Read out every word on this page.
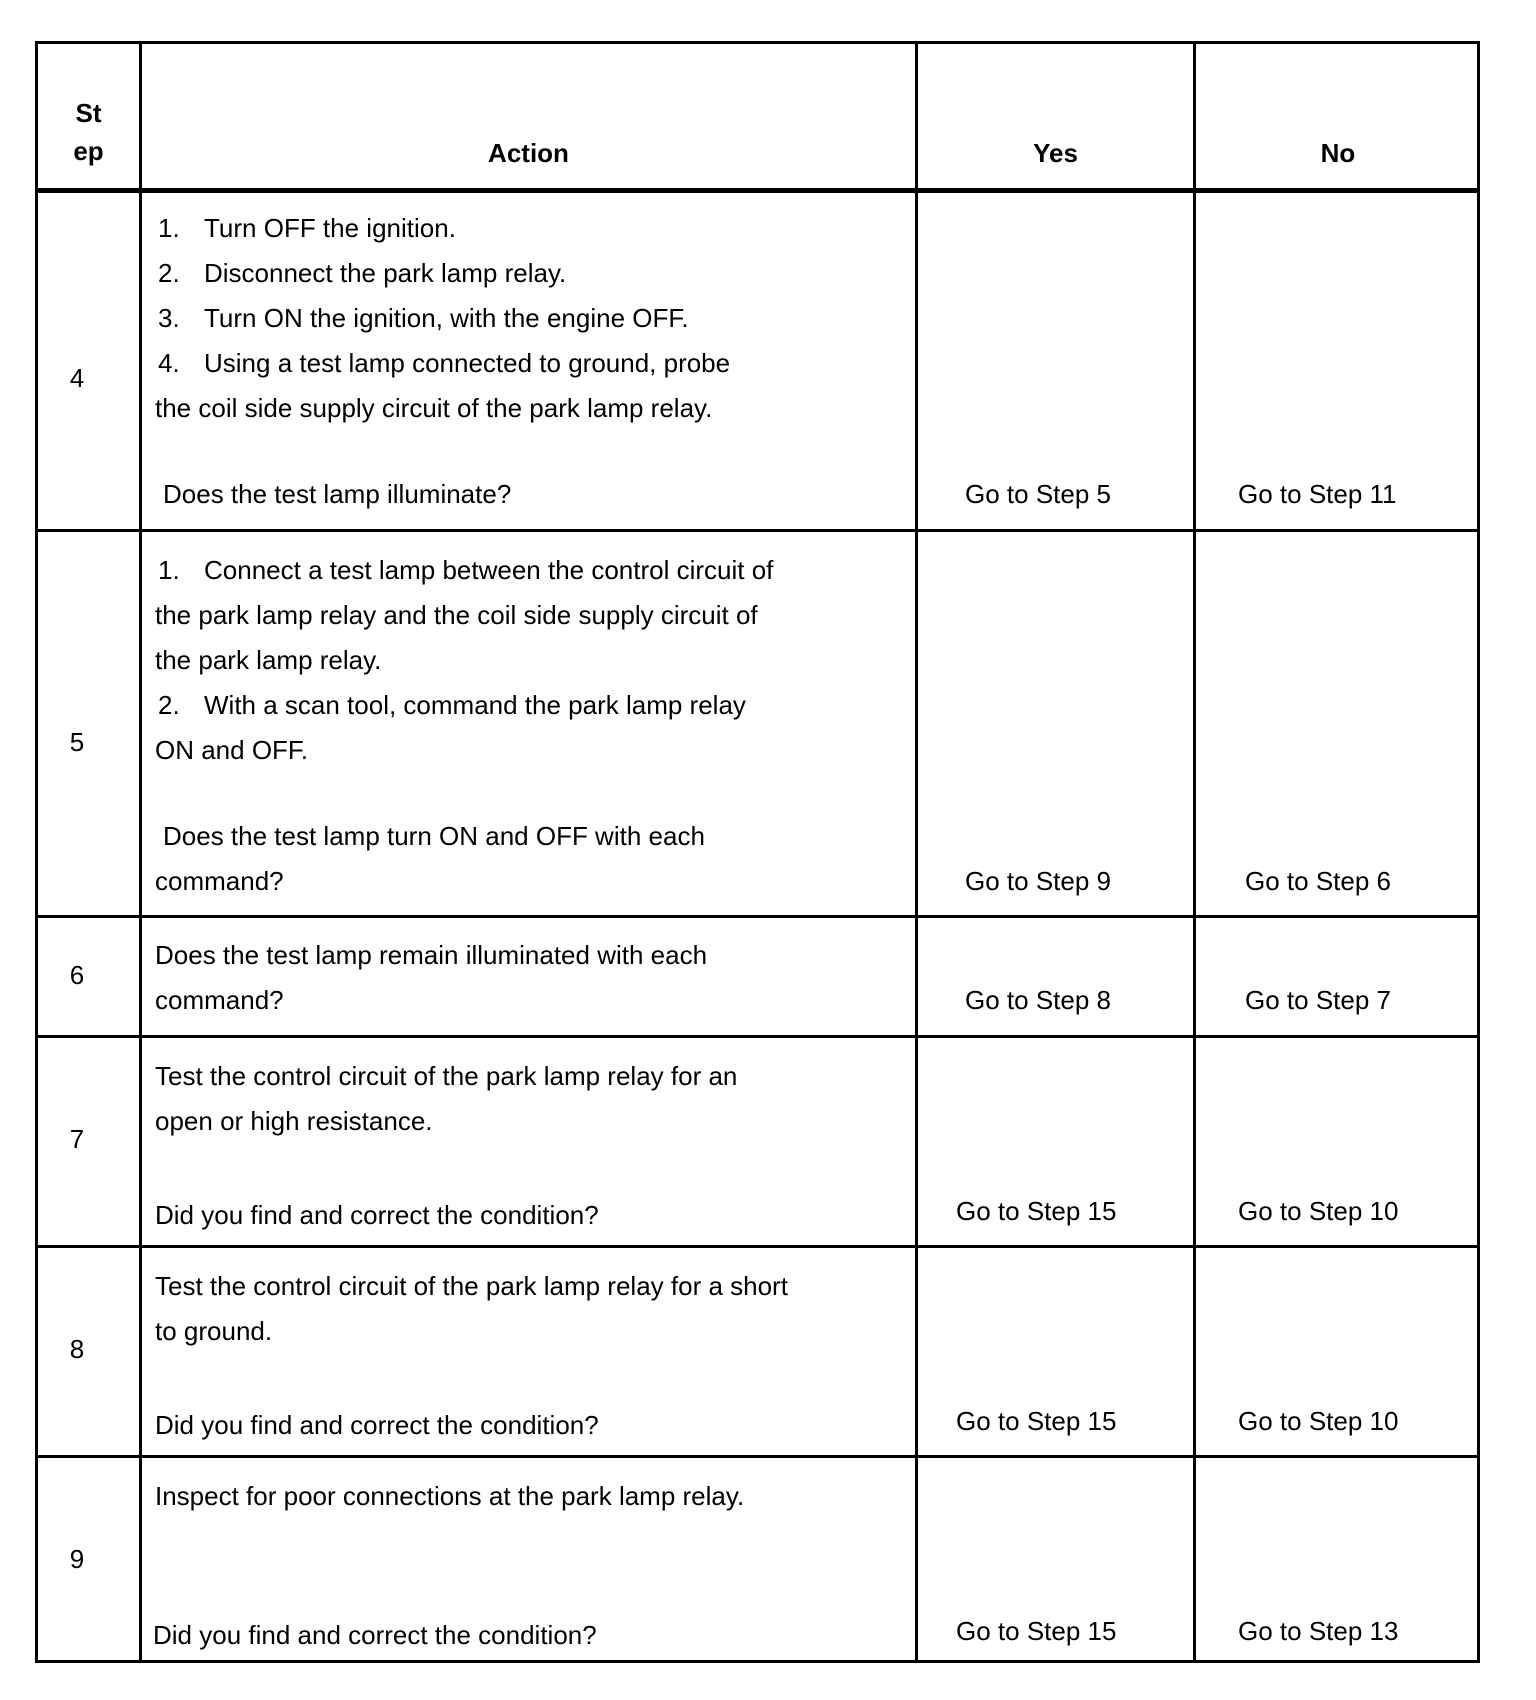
St
ep	Action	Yes	No
4
1. Turn OFF the ignition.
2. Disconnect the park lamp relay.
3. Turn ON the ignition, with the engine OFF.
4. Using a test lamp connected to ground, probe
the coil side supply circuit of the park lamp relay.
Does the test lamp illuminate?	Go to Step 5	Go to Step 11
5
1. Connect a test lamp between the control circuit of
the park lamp relay and the coil side supply circuit of
the park lamp relay.
2. With a scan tool, command the park lamp relay
ON and OFF.
Does the test lamp turn ON and OFF with each
command?	Go to Step 9	Go to Step 6
6
Does the test lamp remain illuminated with each
command?	Go to Step 8	Go to Step 7
7
Test the control circuit of the park lamp relay for an
open or high resistance.
Did you find and correct the condition?	Go to Step 15	Go to Step 10
8
Test the control circuit of the park lamp relay for a short
to ground.
Did you find and correct the condition?	Go to Step 15	Go to Step 10
9
Inspect for poor connections at the park lamp relay.
Did you find and correct the condition?	Go to Step 15	Go to Step 13
